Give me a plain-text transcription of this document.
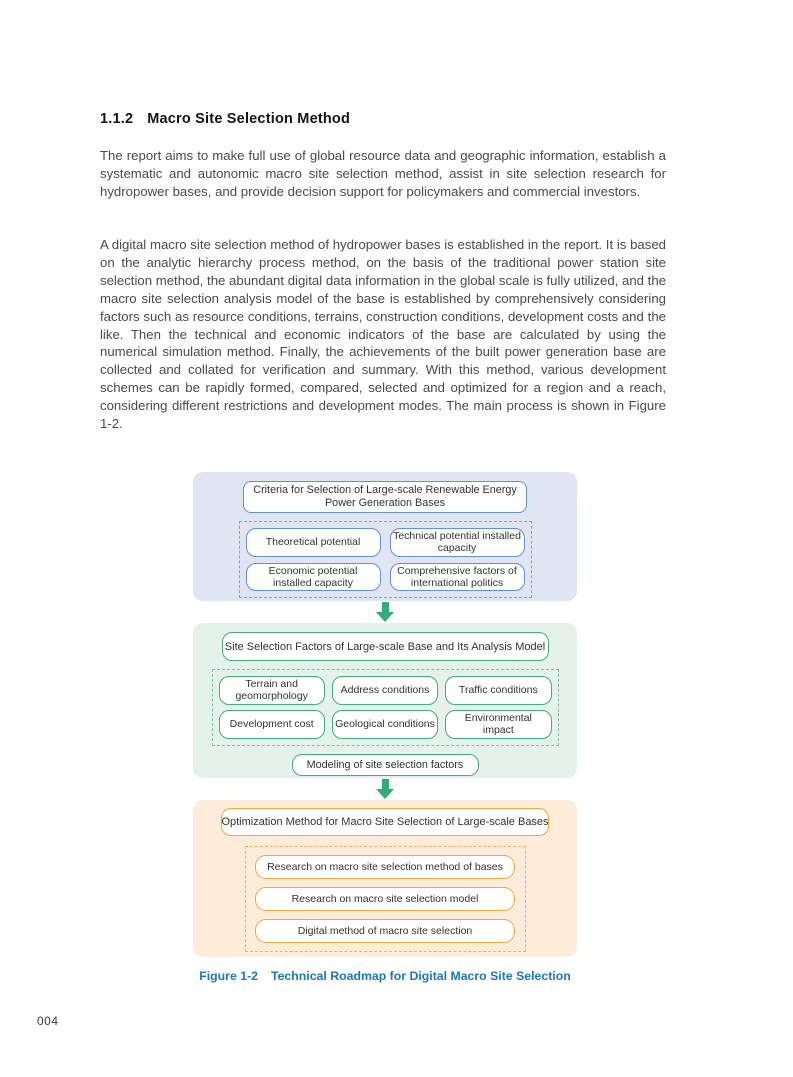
1.1.2 Macro Site Selection Method

The report aims to make full use of global resource data and geographic information, establish a systematic and autonomic macro site selection method, assist in site selection research for hydropower bases, and provide decision support for policymakers and commercial investors.

A digital macro site selection method of hydropower bases is established in the report. It is based on the analytic hierarchy process method, on the basis of the traditional power station site selection method, the abundant digital data information in the global scale is fully utilized, and the macro site selection analysis model of the base is established by comprehensively considering factors such as resource conditions, terrains, construction conditions, development costs and the like. Then the technical and economic indicators of the base are calculated by using the numerical simulation method. Finally, the achievements of the built power generation base are collected and collated for verification and summary. With this method, various development schemes can be rapidly formed, compared, selected and optimized for a region and a reach, considering different restrictions and development modes. The main process is shown in Figure 1-2.

Criteria for Selection of Large-scale Renewable Energy Power Generation Bases
Theoretical potential
Technical potential installed capacity
Economic potential installed capacity
Comprehensive factors of international politics
Site Selection Factors of Large-scale Base and Its Analysis Model
Terrain and geomorphology
Address conditions	Traffic conditions
Development cost	Geological conditions
Environmental impact
Modeling of site selection factors
Optimization Method for Macro Site Selection of Large-scale Bases
Research on macro site selection method of bases
Research on macro site selection model
Digital method of macro site selection
Figure 1-2 Technical Roadmap for Digital Macro Site Selection
004
